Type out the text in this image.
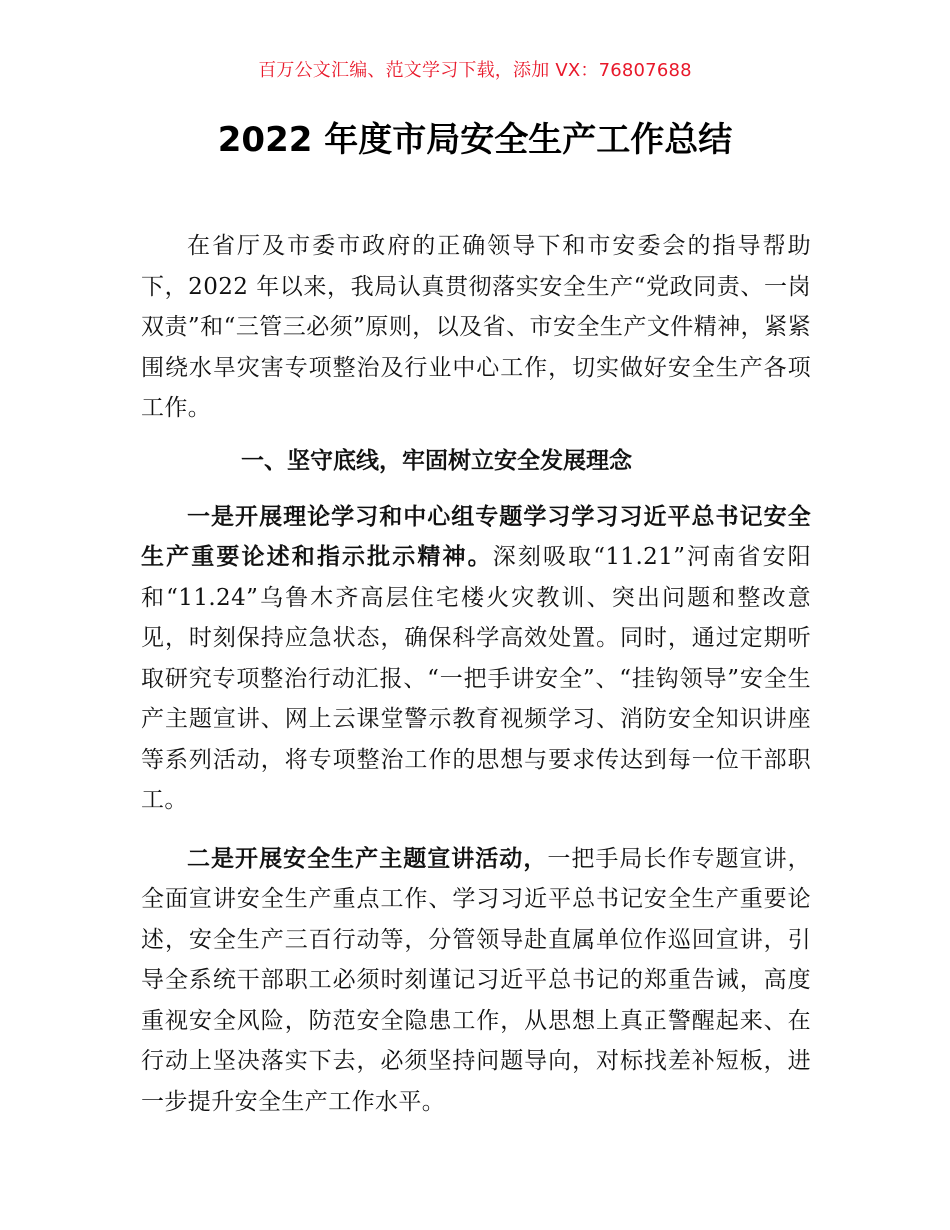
百万公文汇编、范文学习下载，添加 VX：76807688
2022 年度市局安全生产工作总结

在省厅及市委市政府的正确领导下和市安委会的指导帮助下，2022 年以来，我局认真贯彻落实安全生产“党政同责、一岗双责”和“三管三必须”原则，以及省、市安全生产文件精神，紧紧围绕水旱灾害专项整治及行业中心工作，切实做好安全生产各项工作。

一、坚守底线，牢固树立安全发展理念

一是开展理论学习和中心组专题学习学习习近平总书记安全生产重要论述和指示批示精神。深刻吸取“11.21”河南省安阳和“11.24”乌鲁木齐高层住宅楼火灾教训、突出问题和整改意见，时刻保持应急状态，确保科学高效处置。同时，通过定期听取研究专项整治行动汇报、“一把手讲安全”、“挂钩领导”安全生产主题宣讲、网上云课堂警示教育视频学习、消防安全知识讲座等系列活动，将专项整治工作的思想与要求传达到每一位干部职工。

二是开展安全生产主题宣讲活动，一把手局长作专题宣讲，全面宣讲安全生产重点工作、学习习近平总书记安全生产重要论述，安全生产三百行动等，分管领导赴直属单位作巡回宣讲，引导全系统干部职工必须时刻谨记习近平总书记的郑重告诫，高度重视安全风险，防范安全隐患工作，从思想上真正警醒起来、在行动上坚决落实下去，必须坚持问题导向，对标找差补短板，进一步提升安全生产工作水平。
